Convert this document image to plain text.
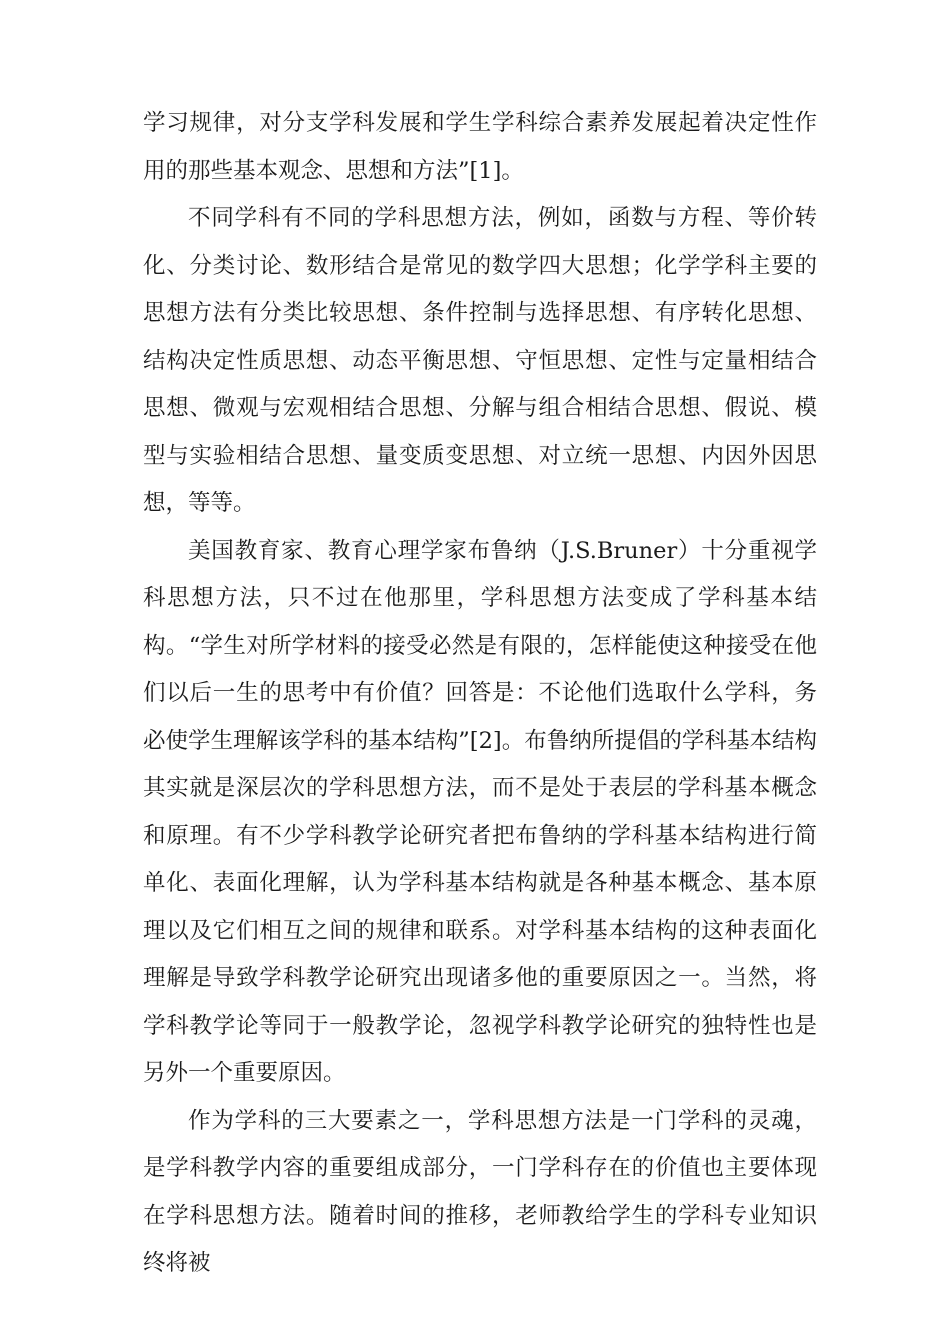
学习规律，对分支学科发展和学生学科综合素养发展起着决定性作用的那些基本观念、思想和方法”[1]。

不同学科有不同的学科思想方法，例如，函数与方程、等价转化、分类讨论、数形结合是常见的数学四大思想；化学学科主要的思想方法有分类比较思想、条件控制与选择思想、有序转化思想、结构决定性质思想、动态平衡思想、守恒思想、定性与定量相结合思想、微观与宏观相结合思想、分解与组合相结合思想、假说、模型与实验相结合思想、量变质变思想、对立统一思想、内因外因思想，等等。

美国教育家、教育心理学家布鲁纳（J.S.Bruner）十分重视学科思想方法，只不过在他那里，学科思想方法变成了学科基本结构。“学生对所学材料的接受必然是有限的，怎样能使这种接受在他们以后一生的思考中有价值？回答是：不论他们选取什么学科，务必使学生理解该学科的基本结构”[2]。布鲁纳所提倡的学科基本结构其实就是深层次的学科思想方法，而不是处于表层的学科基本概念和原理。有不少学科教学论研究者把布鲁纳的学科基本结构进行简单化、表面化理解，认为学科基本结构就是各种基本概念、基本原理以及它们相互之间的规律和联系。对学科基本结构的这种表面化理解是导致学科教学论研究出现诸多他的重要原因之一。当然，将学科教学论等同于一般教学论，忽视学科教学论研究的独特性也是另外一个重要原因。

作为学科的三大要素之一，学科思想方法是一门学科的灵魂，是学科教学内容的重要组成部分，一门学科存在的价值也主要体现在学科思想方法。随着时间的推移，老师教给学生的学科专业知识终将被
